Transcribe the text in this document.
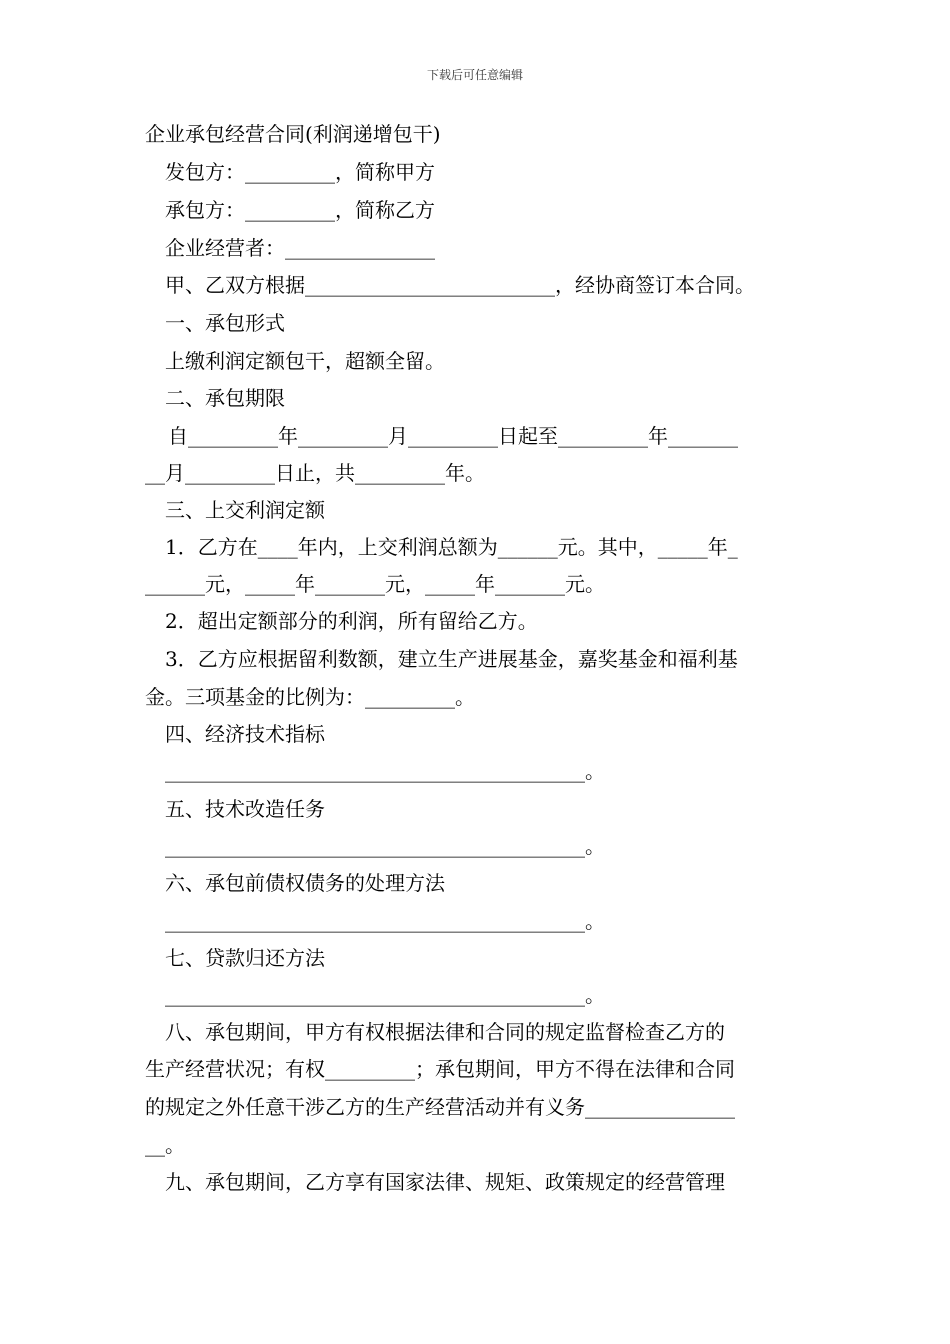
下载后可任意编辑
企业承包经营合同(利润递增包干)
发包方：_________，简称甲方
承包方：_________，简称乙方
企业经营者：_______________
甲、乙双方根据_________________________，经协商签订本合同。
一、承包形式
上缴利润定额包干，超额全留。
二、承包期限
自_________年_________月_________日起至_________年_______
__月_________日止，共_________年。
三、上交利润定额
1．乙方在____年内，上交利润总额为______元。其中，_____年_
______元，_____年_______元，_____年_______元。
2．超出定额部分的利润，所有留给乙方。
3．乙方应根据留利数额，建立生产进展基金，嘉奖基金和福利基
金。三项基金的比例为：_________。
四、经济技术指标
__________________________________________。
五、技术改造任务
__________________________________________。
六、承包前债权债务的处理方法
__________________________________________。
七、贷款归还方法
__________________________________________。
八、承包期间，甲方有权根据法律和合同的规定监督检查乙方的
生产经营状况；有权_________；承包期间，甲方不得在法律和合同
的规定之外任意干涉乙方的生产经营活动并有义务_______________
__。
九、承包期间，乙方享有国家法律、规矩、政策规定的经营管理
